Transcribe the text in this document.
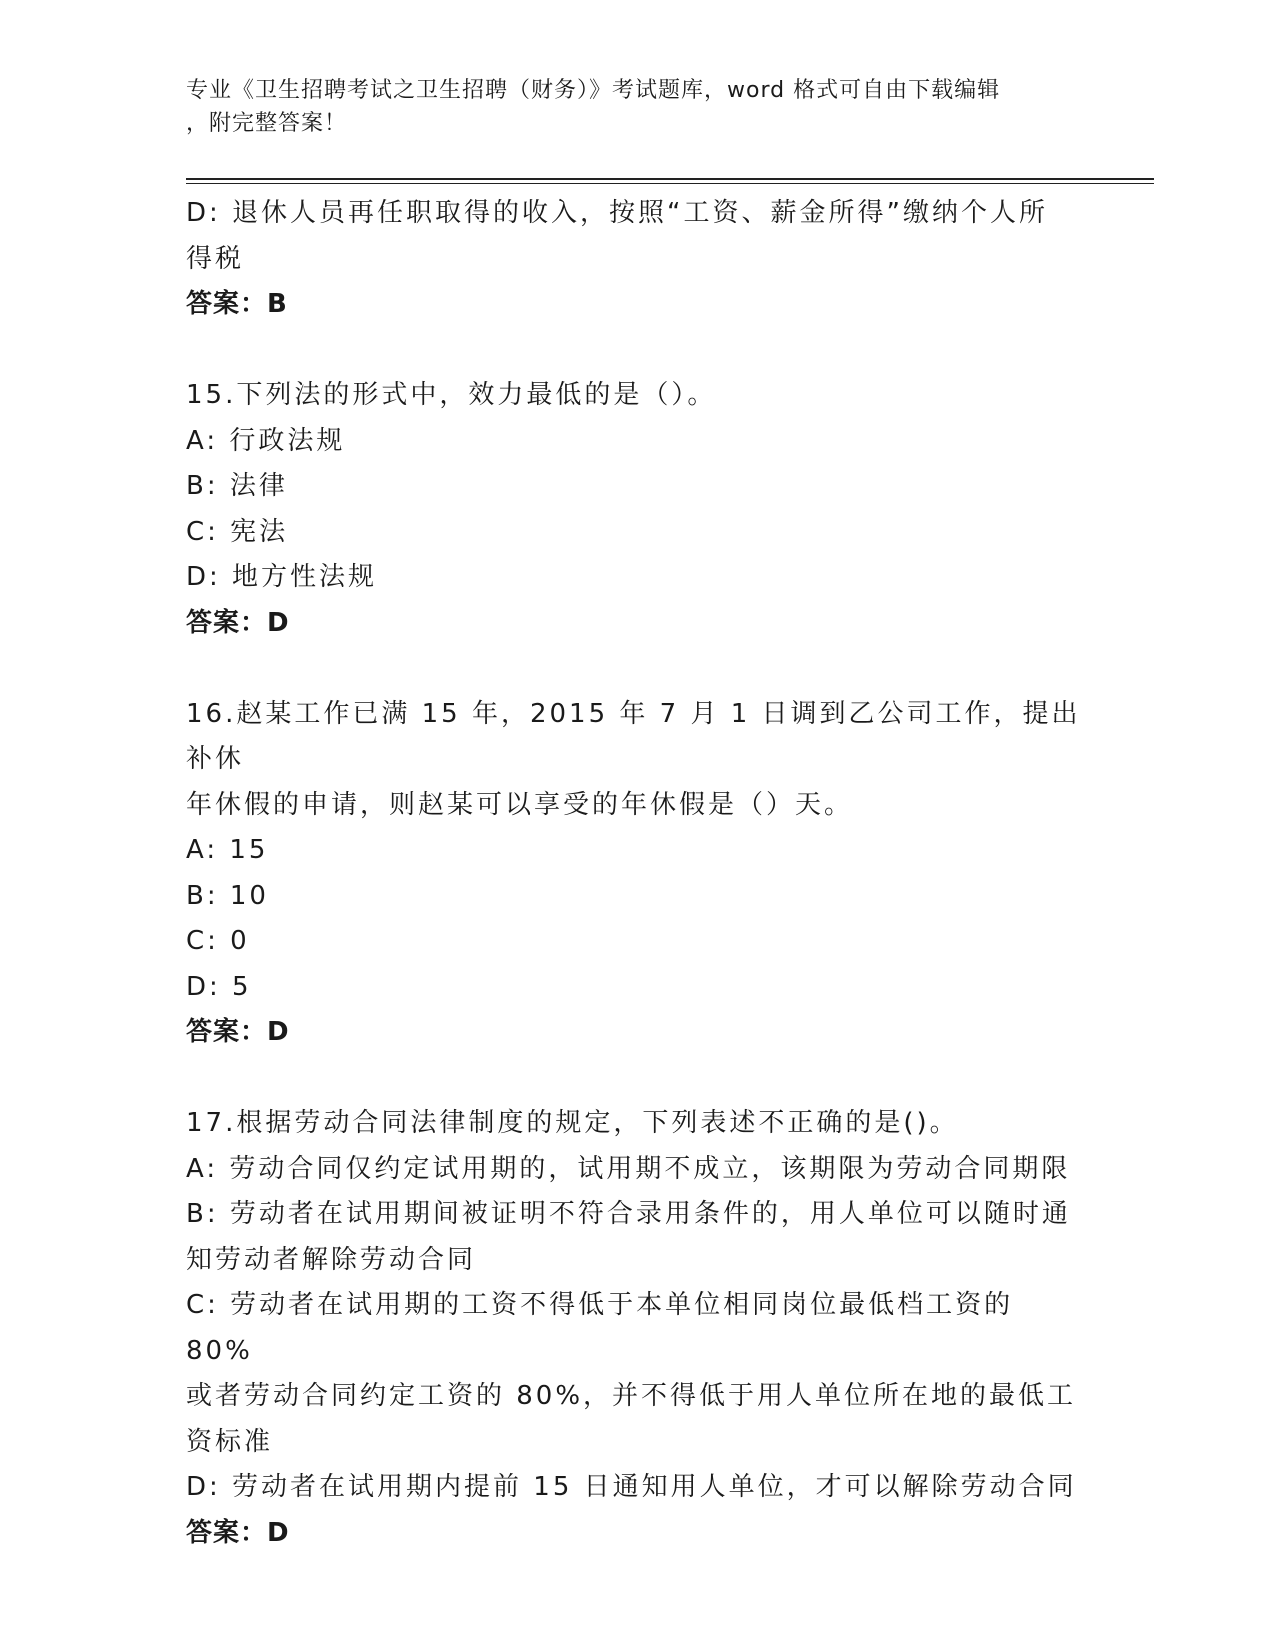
专业《卫生招聘考试之卫生招聘（财务）》考试题库，word 格式可自由下载编辑
，附完整答案！
D: 退休人员再任职取得的收入，按照“工资、薪金所得”缴纳个人所
得税
答案：B
15.下列法的形式中，效力最低的是（）。
A: 行政法规
B: 法律
C: 宪法
D: 地方性法规
答案：D
16.赵某工作已满 15 年，2015 年 7 月 1 日调到乙公司工作，提出补休
年休假的申请，则赵某可以享受的年休假是（）天。
A: 15
B: 10
C: 0
D: 5
答案：D
17.根据劳动合同法律制度的规定，下列表述不正确的是()。
A: 劳动合同仅约定试用期的，试用期不成立，该期限为劳动合同期限
B: 劳动者在试用期间被证明不符合录用条件的，用人单位可以随时通
知劳动者解除劳动合同
C: 劳动者在试用期的工资不得低于本单位相同岗位最低档工资的 80%
或者劳动合同约定工资的 80%，并不得低于用人单位所在地的最低工
资标准
D: 劳动者在试用期内提前 15 日通知用人单位，才可以解除劳动合同
答案：D
